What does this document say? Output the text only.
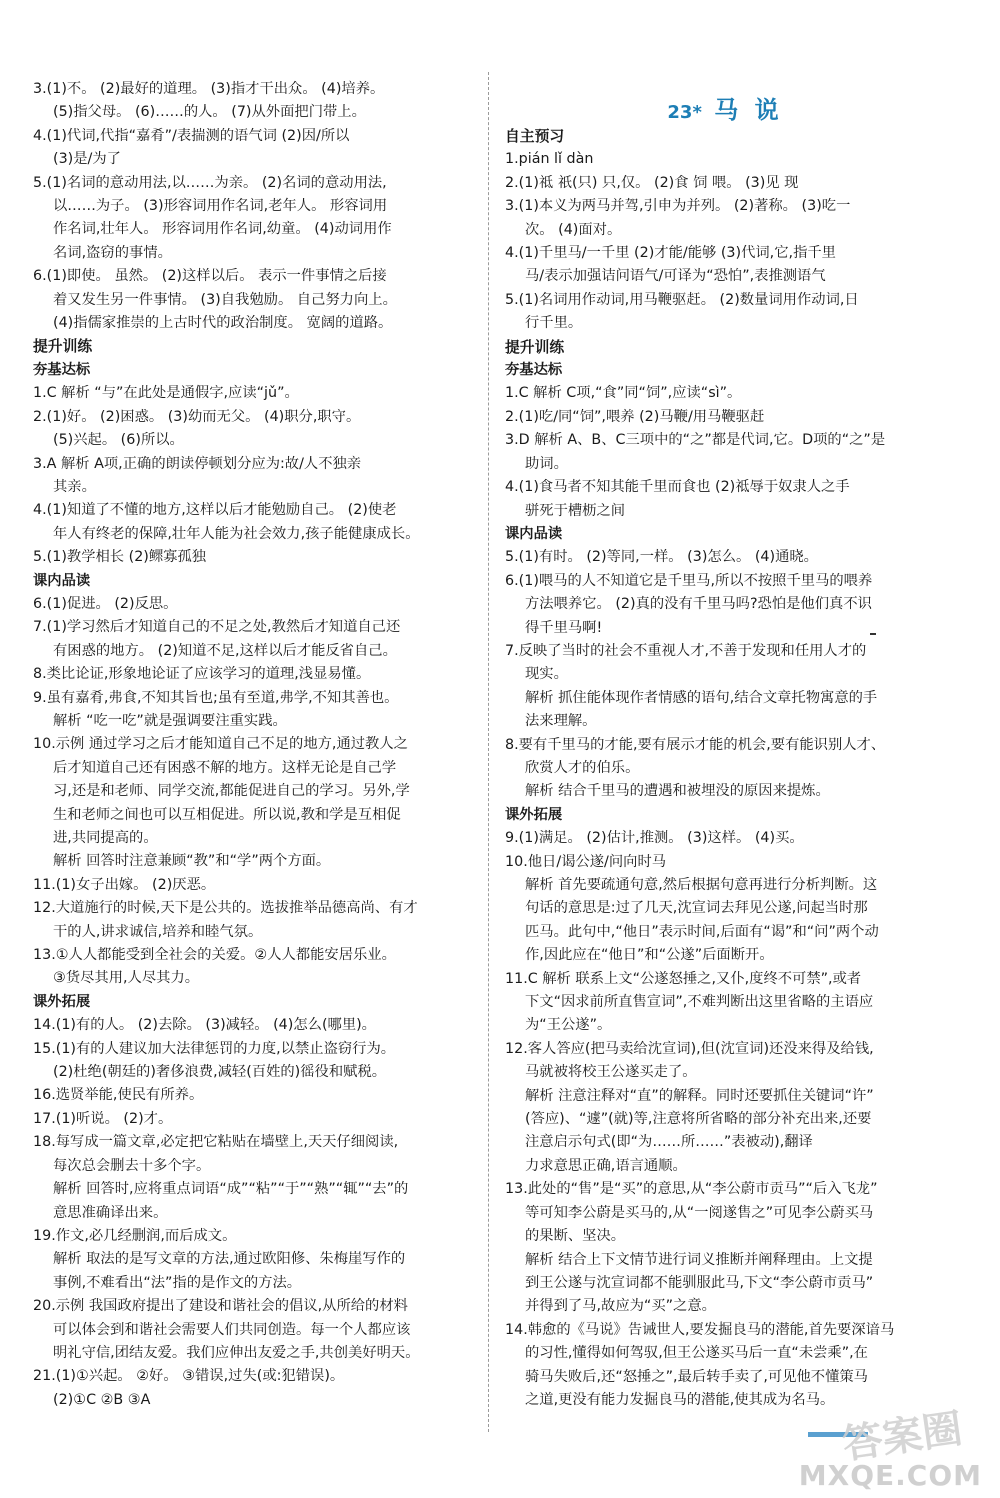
3.(1)不。 (2)最好的道理。 (3)指才干出众。 (4)培养。
(5)指父母。 (6)……的人。 (7)从外面把门带上。
4.(1)代词,代指“嘉肴”/表揣测的语气词 (2)因/所以
(3)是/为了
5.(1)名词的意动用法,以……为亲。 (2)名词的意动用法,
以……为子。 (3)形容词用作名词,老年人。 形容词用
作名词,壮年人。 形容词用作名词,幼童。 (4)动词用作
名词,盗窃的事情。
6.(1)即使。 虽然。 (2)这样以后。 表示一件事情之后接
着又发生另一件事情。 (3)自我勉励。 自己努力向上。
(4)指儒家推崇的上古时代的政治制度。 宽阔的道路。
提升训练
夯基达标
1.C 解析 “与”在此处是通假字,应读“jǔ”。
2.(1)好。 (2)困惑。 (3)幼而无父。 (4)职分,职守。
(5)兴起。 (6)所以。
3.A 解析 A项,正确的朗读停顿划分应为:故/人不独亲
其亲。
4.(1)知道了不懂的地方,这样以后才能勉励自己。 (2)使老
年人有终老的保障,壮年人能为社会效力,孩子能健康成长。
5.(1)教学相长 (2)鳏寡孤独
课内品读
6.(1)促进。 (2)反思。
7.(1)学习然后才知道自己的不足之处,教然后才知道自己还
有困惑的地方。 (2)知道不足,这样以后才能反省自己。
8.类比论证,形象地论证了应该学习的道理,浅显易懂。
9.虽有嘉肴,弗食,不知其旨也;虽有至道,弗学,不知其善也。
解析 “吃一吃”就是强调要注重实践。
10.示例 通过学习之后才能知道自己不足的地方,通过教人之
后才知道自己还有困惑不解的地方。这样无论是自己学
习,还是和老师、同学交流,都能促进自己的学习。另外,学
生和老师之间也可以互相促进。所以说,教和学是互相促
进,共同提高的。
解析 回答时注意兼顾“教”和“学”两个方面。
11.(1)女子出嫁。 (2)厌恶。
12.大道施行的时候,天下是公共的。选拔推举品德高尚、有才
干的人,讲求诚信,培养和睦气氛。
13.①人人都能受到全社会的关爱。②人人都能安居乐业。
③货尽其用,人尽其力。
课外拓展
14.(1)有的人。 (2)去除。 (3)减轻。 (4)怎么(哪里)。
15.(1)有的人建议加大法律惩罚的力度,以禁止盗窃行为。
(2)杜绝(朝廷的)奢侈浪费,减轻(百姓的)徭役和赋税。
16.选贤举能,使民有所养。
17.(1)听说。 (2)才。
18.每写成一篇文章,必定把它粘贴在墙壁上,天天仔细阅读,
每次总会删去十多个字。
解析 回答时,应将重点词语“成”“粘”“于”“熟”“辄”“去”的
意思准确译出来。
19.作文,必几经删润,而后成文。
解析 取法的是写文章的方法,通过欧阳修、朱梅崖写作的
事例,不难看出“法”指的是作文的方法。
20.示例 我国政府提出了建设和谐社会的倡议,从所给的材料
可以体会到和谐社会需要人们共同创造。每一个人都应该
明礼守信,团结友爱。我们应伸出友爱之手,共创美好明天。
21.(1)①兴起。 ②好。 ③错误,过失(或:犯错误)。
(2)①C ②B ③A
23* 马 说
自主预习
1.pián lǐ dàn
2.(1)祗 祇(只) 只,仅。 (2)食 饲 喂。 (3)见 现
3.(1)本义为两马并驾,引申为并列。 (2)著称。 (3)吃一
次。 (4)面对。
4.(1)千里马/一千里 (2)才能/能够 (3)代词,它,指千里
马/表示加强诘问语气/可译为“恐怕”,表推测语气
5.(1)名词用作动词,用马鞭驱赶。 (2)数量词用作动词,日
行千里。
提升训练
夯基达标
1.C 解析 C项,“食”同“饲”,应读“sì”。
2.(1)吃/同“饲”,喂养 (2)马鞭/用马鞭驱赶
3.D 解析 A、B、C三项中的“之”都是代词,它。D项的“之”是
助词。
4.(1)食马者不知其能千里而食也 (2)祗辱于奴隶人之手
骈死于槽枥之间
课内品读
5.(1)有时。 (2)等同,一样。 (3)怎么。 (4)通晓。
6.(1)喂马的人不知道它是千里马,所以不按照千里马的喂养
方法喂养它。 (2)真的没有千里马吗?恐怕是他们真不识
得千里马啊!
7.反映了当时的社会不重视人才,不善于发现和任用人才的
现实。
解析 抓住能体现作者情感的语句,结合文章托物寓意的手
法来理解。
8.要有千里马的才能,要有展示才能的机会,要有能识别人才、
欣赏人才的伯乐。
解析 结合千里马的遭遇和被埋没的原因来提炼。
课外拓展
9.(1)满足。 (2)估计,推测。 (3)这样。 (4)买。
10.他日/谒公遂/问向时马
解析 首先要疏通句意,然后根据句意再进行分析判断。这
句话的意思是:过了几天,沈宣词去拜见公遂,问起当时那
匹马。此句中,“他日”表示时间,后面有“谒”和“问”两个动
作,因此应在“他日”和“公遂”后面断开。
11.C 解析 联系上文“公遂怒捶之,又仆,度终不可禁”,或者
下文“因求前所直售宣词”,不难判断出这里省略的主语应
为“王公遂”。
12.客人答应(把马卖给沈宣词),但(沈宣词)还没来得及给钱,
马就被将校王公遂买走了。
解析 注意注释对“直”的解释。同时还要抓住关键词“许”
(答应)、“遽”(就)等,注意将所省略的部分补充出来,还要
注意启示句式(即“为……所……”表被动),翻译
力求意思正确,语言通顺。
13.此处的“售”是“买”的意思,从“李公蔚市贡马”“后入飞龙”
等可知李公蔚是买马的,从“一阅遂售之”可见李公蔚买马
的果断、坚决。
解析 结合上下文情节进行词义推断并阐释理由。上文提
到王公遂与沈宣词都不能驯服此马,下文“李公蔚市贡马”
并得到了马,故应为“买”之意。
14.韩愈的《马说》告诫世人,要发掘良马的潜能,首先要深谙马
的习性,懂得如何驾驭,但王公遂买马后一直“未尝乘”,在
骑马失败后,还“怒捶之”,最后转手卖了,可见他不懂策马
之道,更没有能力发掘良马的潜能,使其成为名马。
答案圈
MXQE.COM
